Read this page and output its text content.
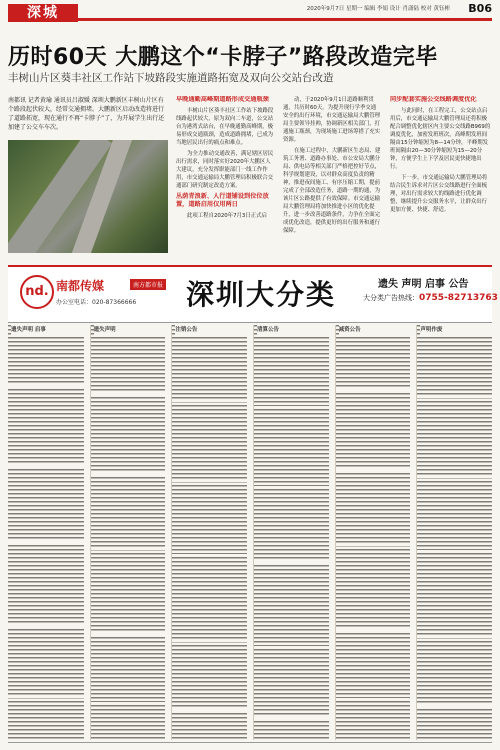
深城	2020年9月7日 星期一 编辑 李娟 设计 肖潇陆 校对 黄钰彬 B06
历时60天 大鹏这个“卡脖子”路段改造完毕
丰树山片区葵丰社区工作站下坡路段实施道路拓宽及双向公交站台改造
南都讯 记者黄瑜 通讯员吕淑媛 深圳大鹏新区丰树山片区有个路段起伏较大，经常交通拥堵。大鹏新区启动改造将进行了道路拓宽，现在通行不再“卡脖子”了，为开展学生出行还加建了公交车车次。
早晚通勤高峰期道路形成交通瓶颈

丰树山片区葵丰社区工作站下坡路段线路起伏较大，原为双向二车道，公交站台为港湾式站台，在早晚通勤高峰期，极易形成交通瓶颈，造成道路拥堵，已成为当地居民出行的痛点和难点。

为全力推动交通改善，满足辖区居民出行需求，同时落实好2020年大鹏区人大建议，充分发挥职能部门一线工作作用，市交通运输局大鹏管理局积极联合交通部门研究制定改造方案。

丛荫青浪新、人行道铺设到位位放置，道路启用仅用两日

此项工程自2020年7月3日正式启

动，于2020年9月1日道路顺利贯通，共历时60天。为提升现行学季交通安全的出行环境，市交通运输局大鹏管理局主要领导挂帅，协调新区相关部门，打通施工瓶颈，为现场施工进场筹措了充实资源。

在施工过程中，大鹏新区生态局、建筑工务署、道路办事处、市公安局大鹏分局、供电局等相关部门严格把控好节点，科学规划建设，以对群众高度负责的精神，推进夜间施工、有序压缩工期，提前完成了全部改造任务，道路一期的通，为该片区公路提供了有效保障。市交通运输局大鹏管理局将加快推进小区的优化提升，进一步改善道路条件，力争在全面完成优化改造，提供更好的出行服务和通行保障。

同步配套实施公交线路调度优化

与此同时，在工程完工，公交站点启用后，市交通运输局大鹏管理局还将积极配合调整优化辖区内主要公交线路B969的调度优化，加密发班班次，高峰期发班间隔由15分钟缩短为8—14分钟，平峰期发班间隔由20—30分钟缩短为15—20分钟，方便学生上下学及居民更快捷地出行。

下一步，市交通运输局大鹏管理局将结合民生诉求对片区公交线路进行全面梳理，对出行需求较大的线路进行优化调整，继续提升公交服务水平，让群众出行更加方便、快捷、舒适。

nd. 南都传媒	南方都市报
办公室电话：020-87366666 深圳大分类	遗失 声明 启事 公告
大分类广告热线：0755-82713763
遗失声明 启事	遗失声明	注销公告	清算公告	减资公告	声明作废
